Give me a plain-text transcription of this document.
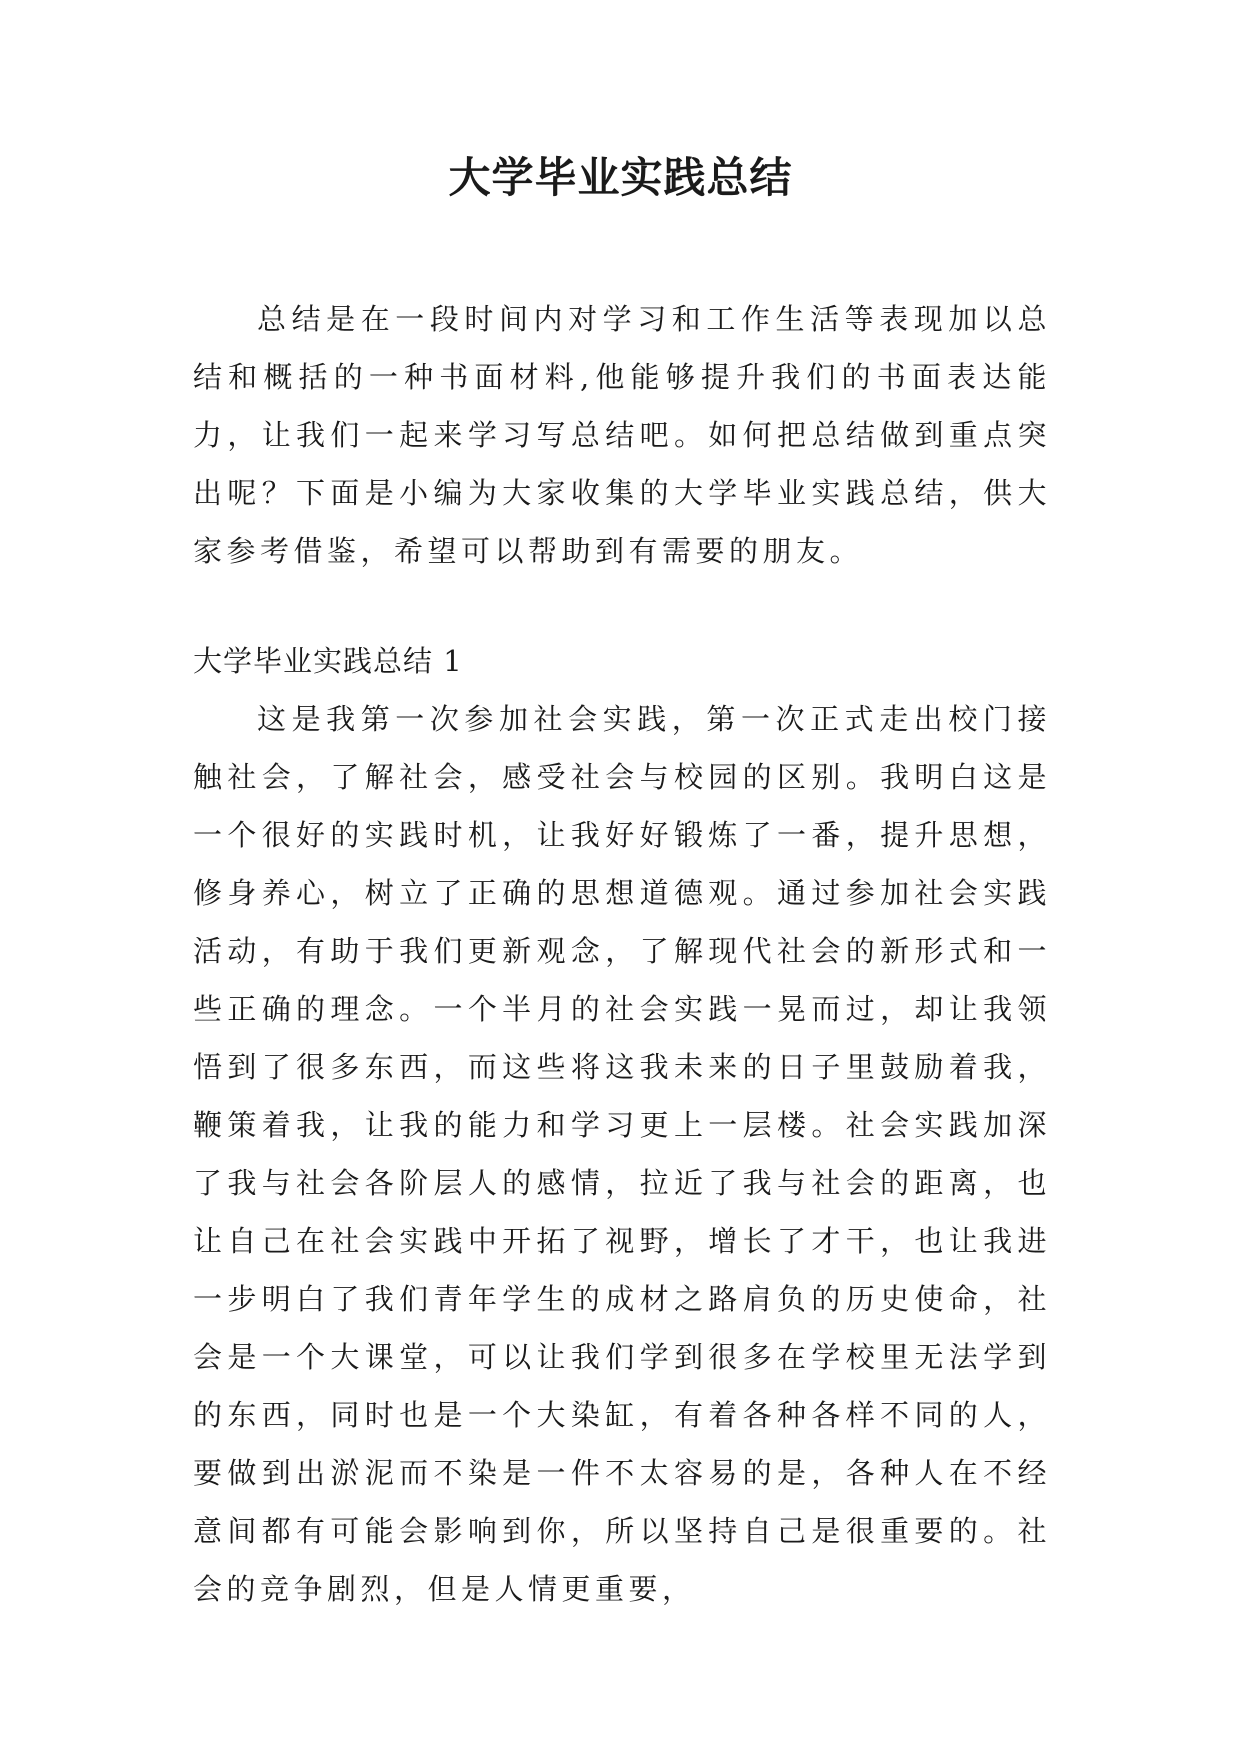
大学毕业实践总结

总结是在一段时间内对学习和工作生活等表现加以总结和概括的一种书面材料,他能够提升我们的书面表达能力，让我们一起来学习写总结吧。如何把总结做到重点突出呢？下面是小编为大家收集的大学毕业实践总结，供大家参考借鉴，希望可以帮助到有需要的朋友。

大学毕业实践总结 1

这是我第一次参加社会实践，第一次正式走出校门接触社会，了解社会，感受社会与校园的区别。我明白这是一个很好的实践时机，让我好好锻炼了一番，提升思想，修身养心，树立了正确的思想道德观。通过参加社会实践活动，有助于我们更新观念，了解现代社会的新形式和一些正确的理念。一个半月的社会实践一晃而过，却让我领悟到了很多东西，而这些将这我未来的日子里鼓励着我，鞭策着我，让我的能力和学习更上一层楼。社会实践加深了我与社会各阶层人的感情，拉近了我与社会的距离，也让自己在社会实践中开拓了视野，增长了才干，也让我进一步明白了我们青年学生的成材之路肩负的历史使命，社会是一个大课堂，可以让我们学到很多在学校里无法学到的东西，同时也是一个大染缸，有着各种各样不同的人，要做到出淤泥而不染是一件不太容易的是，各种人在不经意间都有可能会影响到你，所以坚持自己是很重要的。社会的竞争剧烈，但是人情更重要，
